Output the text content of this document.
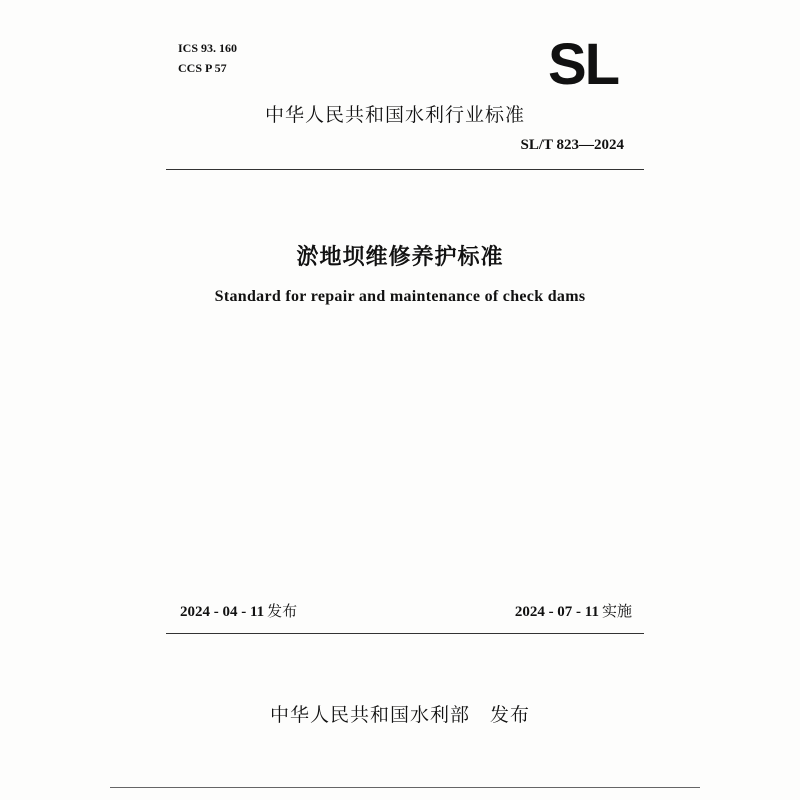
ICS 93. 160
CCS P 57	SL
中华人民共和国水利行业标准
SL/T 823—2024
淤地坝维修养护标准
Standard for repair and maintenance of check dams
2024 - 04 - 11 发布	2024 - 07 - 11 实施
中华人民共和国水利部　发布
